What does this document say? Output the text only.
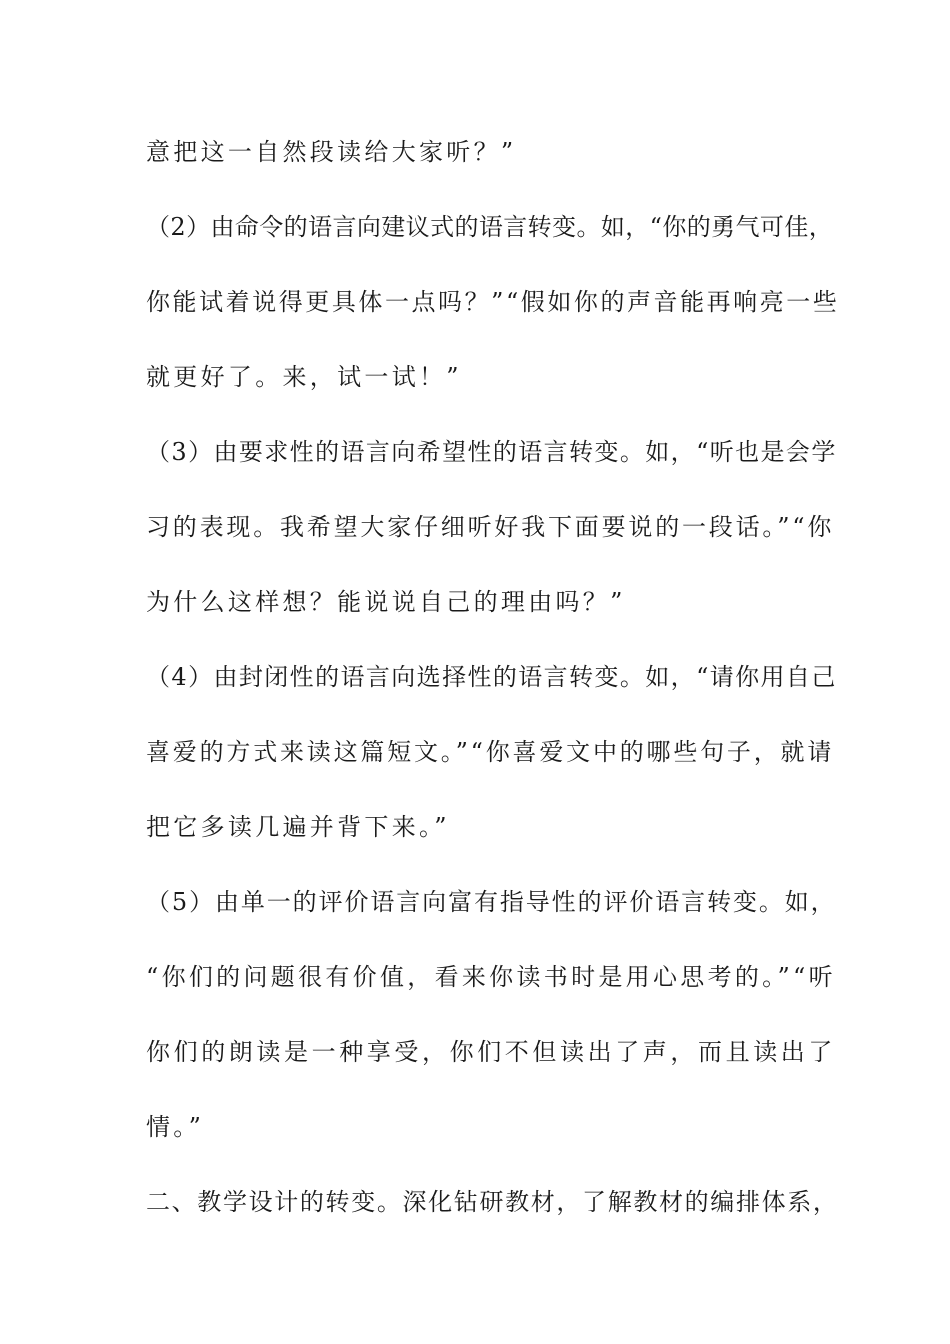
意把这一自然段读给大家听？”
（2）由命令的语言向建议式的语言转变。如，“你的勇气可佳，
你能试着说得更具体一点吗？”“假如你的声音能再响亮一些
就更好了。来，试一试！”
（3）由要求性的语言向希望性的语言转变。如，“听也是会学
习的表现。我希望大家仔细听好我下面要说的一段话。”“你
为什么这样想？能说说自己的理由吗？”
（4）由封闭性的语言向选择性的语言转变。如，“请你用自己
喜爱的方式来读这篇短文。”“你喜爱文中的哪些句子，就请
把它多读几遍并背下来。”
（5）由单一的评价语言向富有指导性的评价语言转变。如，
“你们的问题很有价值，看来你读书时是用心思考的。”“听
你们的朗读是一种享受，你们不但读出了声，而且读出了
情。”
二、教学设计的转变。深化钻研教材，了解教材的编排体系，
